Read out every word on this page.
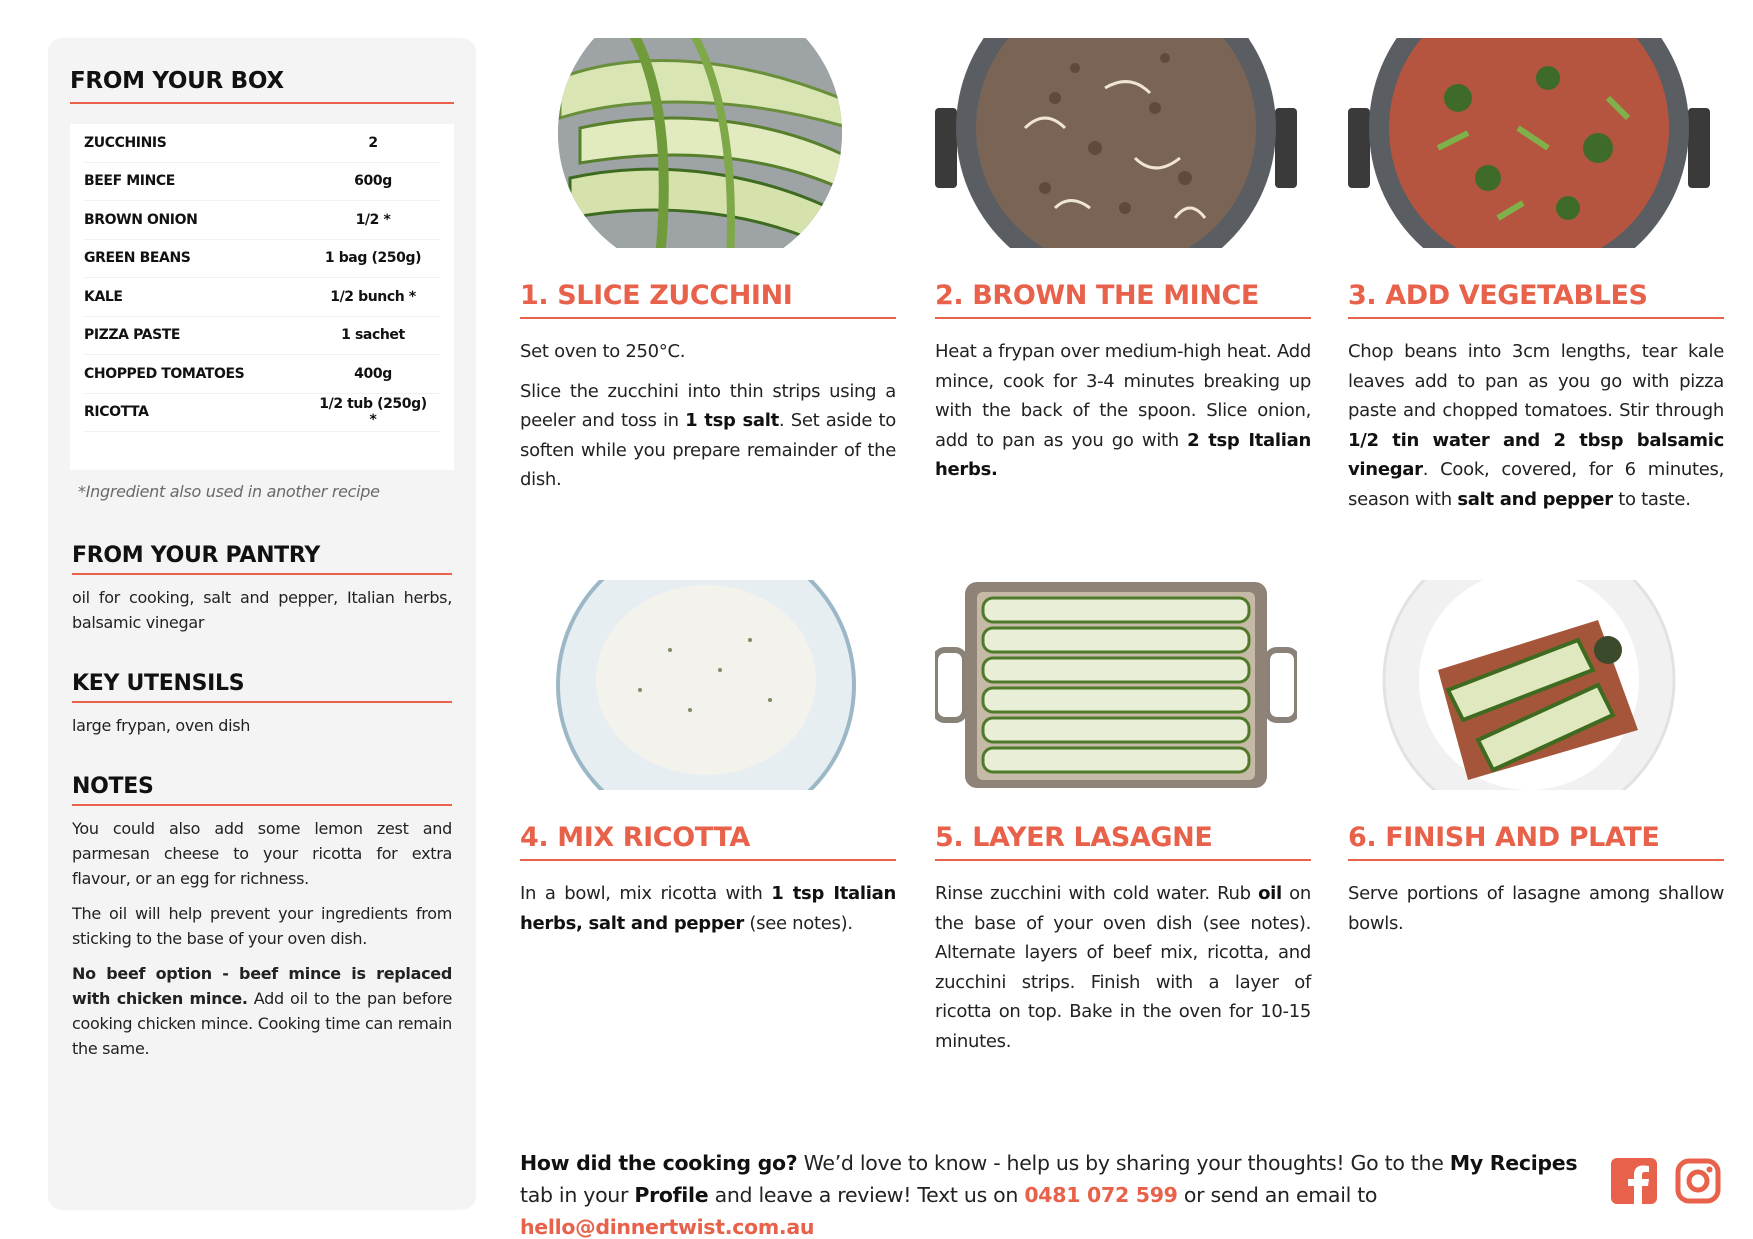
FROM YOUR BOX
ZUCCHINIS	2
BEEF MINCE	600g
BROWN ONION	1/2 *
GREEN BEANS	1 bag (250g)
KALE	1/2 bunch *
PIZZA PASTE	1 sachet
CHOPPED TOMATOES	400g
RICOTTA	1/2 tub (250g) *
*Ingredient also used in another recipe
FROM YOUR PANTRY
oil for cooking, salt and pepper, Italian herbs, balsamic vinegar
KEY UTENSILS
large frypan, oven dish
NOTES
You could also add some lemon zest and parmesan cheese to your ricotta for extra flavour, or an egg for richness.
The oil will help prevent your ingredients from sticking to the base of your oven dish.
No beef option - beef mince is replaced with chicken mince. Add oil to the pan before cooking chicken mince. Cooking time can remain the same.
1. SLICE ZUCCHINI

Set oven to 250°C.

Slice the zucchini into thin strips using a peeler and toss in 1 tsp salt. Set aside to soften while you prepare remainder of the dish.

2. BROWN THE MINCE

Heat a frypan over medium-high heat. Add mince, cook for 3-4 minutes breaking up with the back of the spoon. Slice onion, add to pan as you go with 2 tsp Italian herbs.

3. ADD VEGETABLES

Chop beans into 3cm lengths, tear kale leaves add to pan as you go with pizza paste and chopped tomatoes. Stir through 1/2 tin water and 2 tbsp balsamic vinegar. Cook, covered, for 6 minutes, season with salt and pepper to taste.

4. MIX RICOTTA

In a bowl, mix ricotta with 1 tsp Italian herbs, salt and pepper (see notes).

5. LAYER LASAGNE

Rinse zucchini with cold water. Rub oil on the base of your oven dish (see notes). Alternate layers of beef mix, ricotta, and zucchini strips. Finish with a layer of ricotta on top. Bake in the oven for 10-15 minutes.

6. FINISH AND PLATE

Serve portions of lasagne among shallow bowls.

How did the cooking go? We’d love to know - help us by sharing your thoughts! Go to the My Recipes tab in your Profile and leave a review! Text us on 0481 072 599 or send an email to hello@dinnertwist.com.au
